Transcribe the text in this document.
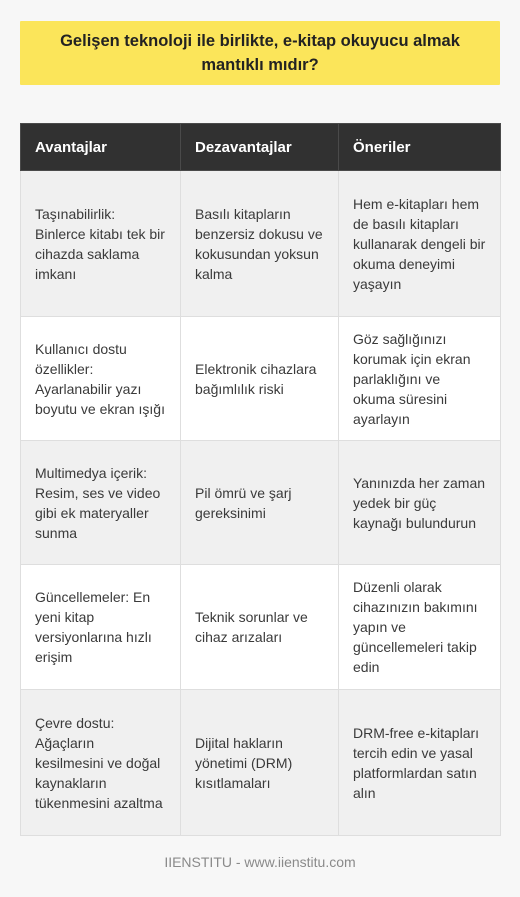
Gelişen teknoloji ile birlikte, e-kitap okuyucu almak mantıklı mıdır?
Avantajlar	Dezavantajlar	Öneriler
Taşınabilirlik: Binlerce kitabı tek bir cihazda saklama imkanı	Basılı kitapların benzersiz dokusu ve kokusundan yoksun kalma	Hem e-kitapları hem de basılı kitapları kullanarak dengeli bir okuma deneyimi yaşayın
Kullanıcı dostu özellikler: Ayarlanabilir yazı boyutu ve ekran ışığı	Elektronik cihazlara bağımlılık riski	Göz sağlığınızı korumak için ekran parlaklığını ve okuma süresini ayarlayın
Multimedya içerik: Resim, ses ve video gibi ek materyaller sunma	Pil ömrü ve şarj gereksinimi	Yanınızda her zaman yedek bir güç kaynağı bulundurun
Güncellemeler: En yeni kitap versiyonlarına hızlı erişim	Teknik sorunlar ve cihaz arızaları	Düzenli olarak cihazınızın bakımını yapın ve güncellemeleri takip edin
Çevre dostu: Ağaçların kesilmesini ve doğal kaynakların tükenmesini azaltma	Dijital hakların yönetimi (DRM) kısıtlamaları	DRM-free e-kitapları tercih edin ve yasal platformlardan satın alın
IIENSTITU - www.iienstitu.com
